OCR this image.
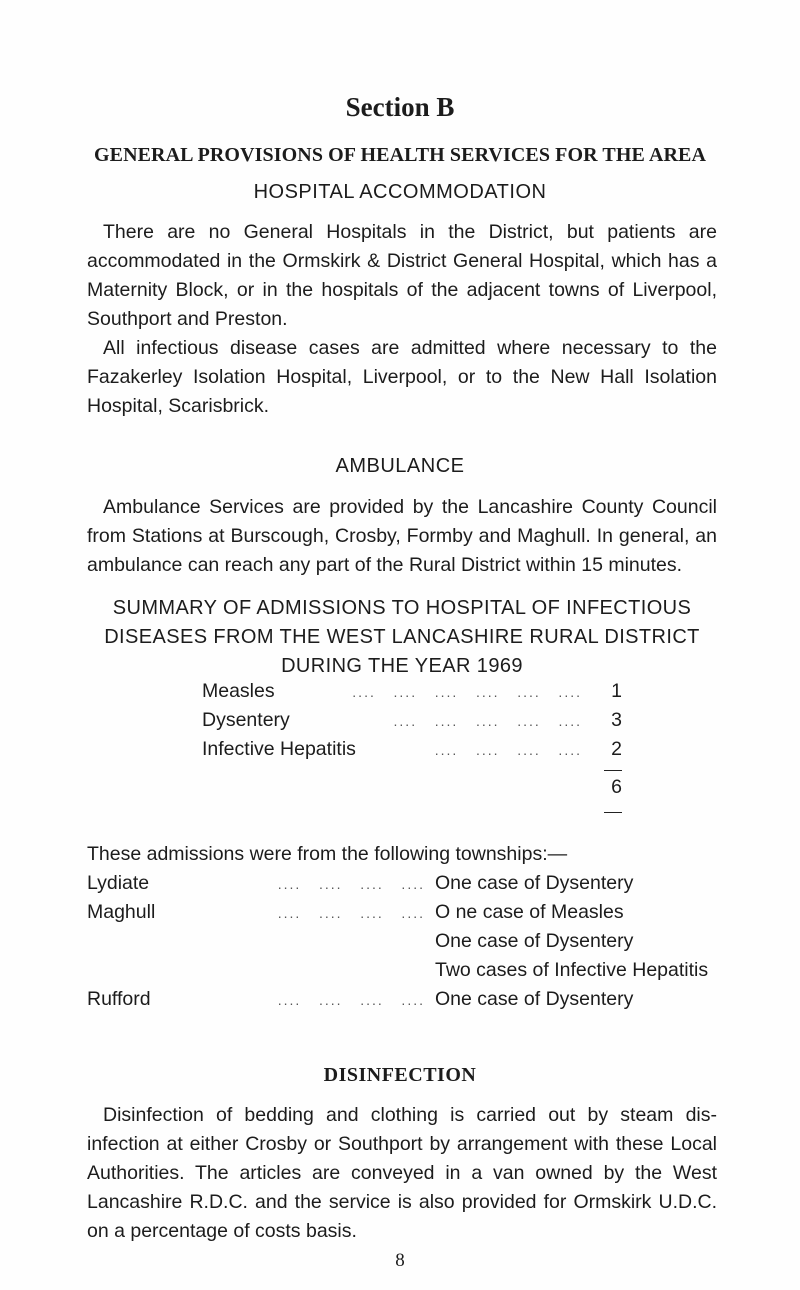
Section B
GENERAL PROVISIONS OF HEALTH SERVICES FOR THE AREA
HOSPITAL ACCOMMODATION

There are no General Hospitals in the District, but patients are accommodated in the Ormskirk & District General Hospital, which has a Maternity Block, or in the hospitals of the adjacent towns of Liverpool, Southport and Preston.

All infectious disease cases are admitted where necessary to the Fazakerley Isolation Hospital, Liverpool, or to the New Hall Isolation Hospital, Scarisbrick.

AMBULANCE

Ambulance Services are provided by the Lancashire County Council from Stations at Burscough, Crosby, Formby and Maghull. In general, an ambulance can reach any part of the Rural District within 15 minutes.

SUMMARY OF ADMISSIONS TO HOSPITAL OF INFECTIOUS DISEASES FROM THE WEST LANCASHIRE RURAL DISTRICT DURING THE YEAR 1969
Measles	....   ....   ....   ....   ....   ....	1
Dysentery	....   ....   ....   ....   ....	3
Infective Hepatitis	....   ....   ....   ....	2
6
These admissions were from the following townships:—
Lydiate	....   ....   ....   .... One case of Dysentery
Maghull	....   ....   ....   .... O ne case of Measles
One case of Dysentery
Two cases of Infective Hepatitis
Rufford	....   ....   ....   .... One case of Dysentery
DISINFECTION

Disinfection of bedding and clothing is carried out by steam dis- infection at either Crosby or Southport by arrangement with these Local Authorities. The articles are conveyed in a van owned by the West Lancashire R.D.C. and the service is also provided for Ormskirk U.D.C. on a percentage of costs basis.

8
